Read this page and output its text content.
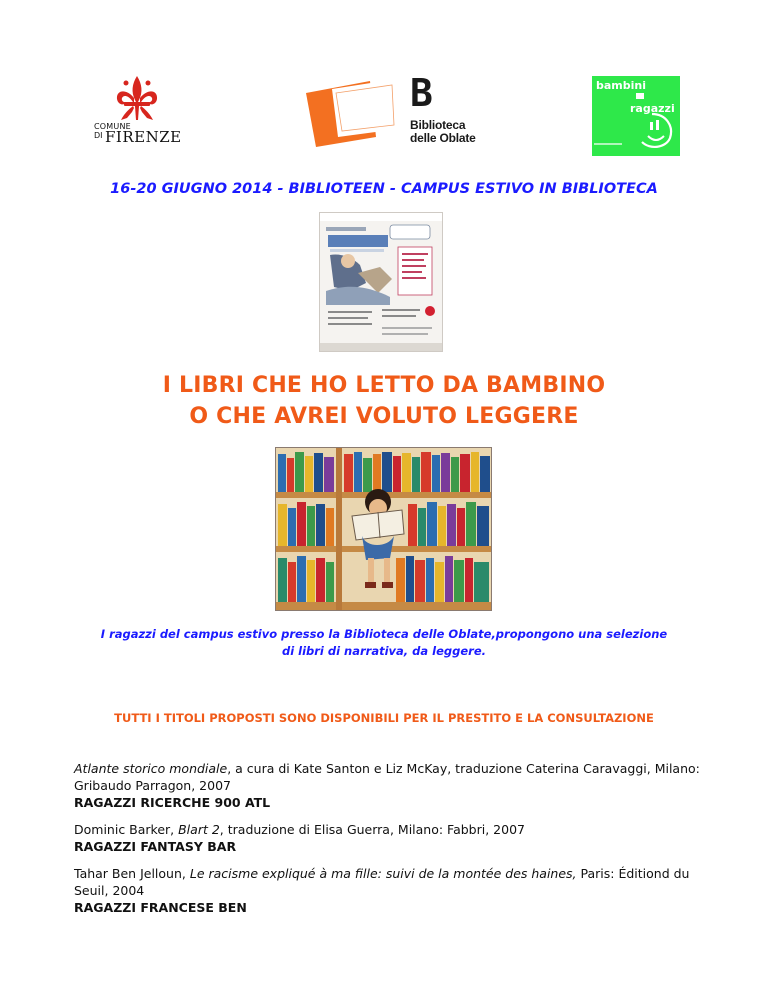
COMUNE
DI FIRENZE
B
Biblioteca
delle Oblate
bambini
ragazzi
16-20 GIUGNO 2014 - BIBLIOTEEN - CAMPUS ESTIVO IN BIBLIOTECA
I LIBRI CHE HO LETTO DA BAMBINO
O CHE AVREI VOLUTO LEGGERE
I ragazzi del campus estivo presso la Biblioteca delle Oblate,propongono una selezione
di libri di narrativa, da leggere.
TUTTI I TITOLI PROPOSTI SONO DISPONIBILI PER IL PRESTITO E LA CONSULTAZIONE
Atlante storico mondiale, a cura di Kate Santon e Liz McKay, traduzione Caterina Caravaggi, Milano: Gribaudo Parragon, 2007
RAGAZZI RICERCHE 900 ATL
Dominic Barker, Blart 2, traduzione di Elisa Guerra, Milano: Fabbri, 2007
RAGAZZI FANTASY BAR
Tahar Ben Jelloun, Le racisme expliqué à ma fille: suivi de la montée des haines, Paris: Éditiond du Seuil, 2004
RAGAZZI FRANCESE BEN
